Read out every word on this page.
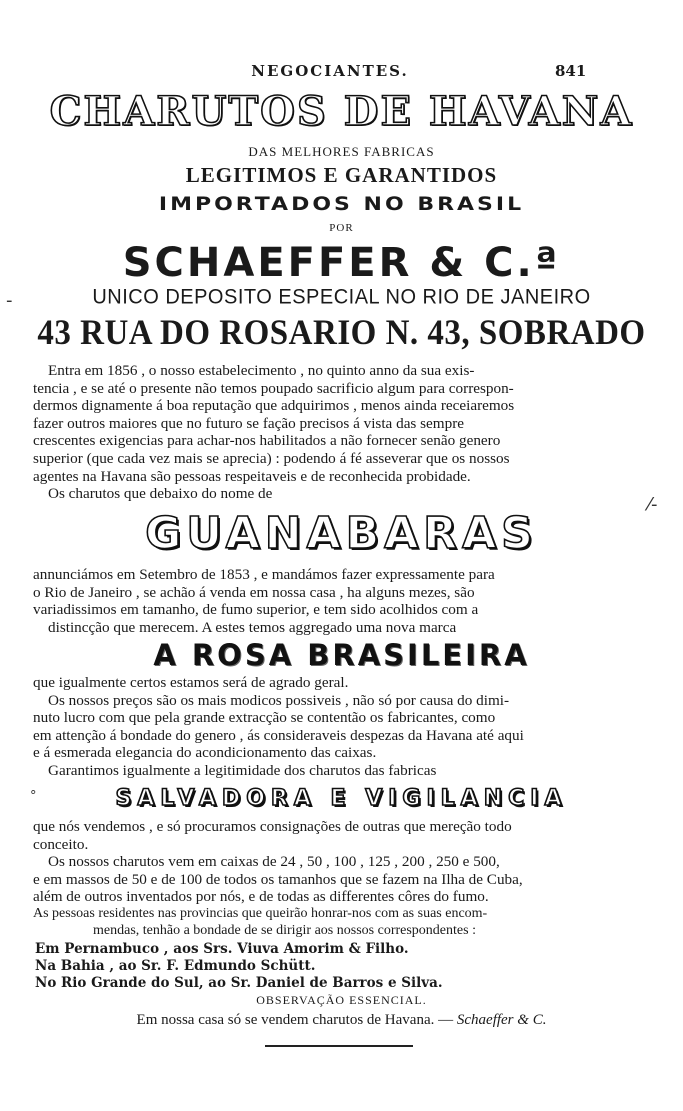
NEGOCIANTES.	841
CHARUTOS DE HAVANA
DAS MELHORES FABRICAS
LEGITIMOS E GARANTIDOS
IMPORTADOS NO BRASIL
POR
SCHAEFFER & C.ª
-	UNICO DEPOSITO ESPECIAL NO RIO DE JANEIRO
43 RUA DO ROSARIO N. 43, SOBRADO
Entra em 1856 , o nosso estabelecimento , no quinto anno da sua exis-
tencia , e se até o presente não temos poupado sacrificio algum para correspon-
dermos dignamente á boa reputação que adquirimos , menos ainda receiaremos
fazer outros maiores que no futuro se fação precisos á vista das sempre
crescentes exigencias para achar-nos habilitados a não fornecer senão genero
superior (que cada vez mais se aprecia) : podendo á fé asseverar que os nossos
agentes na Havana são pessoas respeitaveis e de reconhecida probidade.
Os charutos que debaixo do nome de
⁄-
GUANABARAS
annunciámos em Setembro de 1853 , e mandámos fazer expressamente para
o Rio de Janeiro , se achão á venda em nossa casa , ha alguns mezes, são
variadissimos em tamanho, de fumo superior, e tem sido acolhidos com a
distincção que merecem. A estes temos aggregado uma nova marca
A ROSA BRASILEIRA
que igualmente certos estamos será de agrado geral.
Os nossos preços são os mais modicos possiveis , não só por causa do dimi-
nuto lucro com que pela grande extracção se contentão os fabricantes, como
em attenção á bondade do genero , ás consideraveis despezas da Havana até aqui
e á esmerada elegancia do acondicionamento das caixas.
Garantimos igualmente a legitimidade dos charutos das fabricas
°	SALVADORA E VIGILANCIA
que nós vendemos , e só procuramos consignações de outras que mereção todo
conceito.
Os nossos charutos vem em caixas de 24 , 50 , 100 , 125 , 200 , 250 e 500,
e em massos de 50 e de 100 de todos os tamanhos que se fazem na Ilha de Cuba,
além de outros inventados por nós, e de todas as differentes côres do fumo.
As pessoas residentes nas provincias que queirão honrar-nos com as suas encom-
mendas, tenhão a bondade de se dirigir aos nossos correspondentes :
Em Pernambuco , aos Srs. Viuva Amorim & Filho.
Na Bahia , ao Sr. F. Edmundo Schütt.
No Rio Grande do Sul, ao Sr. Daniel de Barros e Silva.
OBSERVAÇÃO ESSENCIAL.
Em nossa casa só se vendem charutos de Havana. — Schaeffer & C.
